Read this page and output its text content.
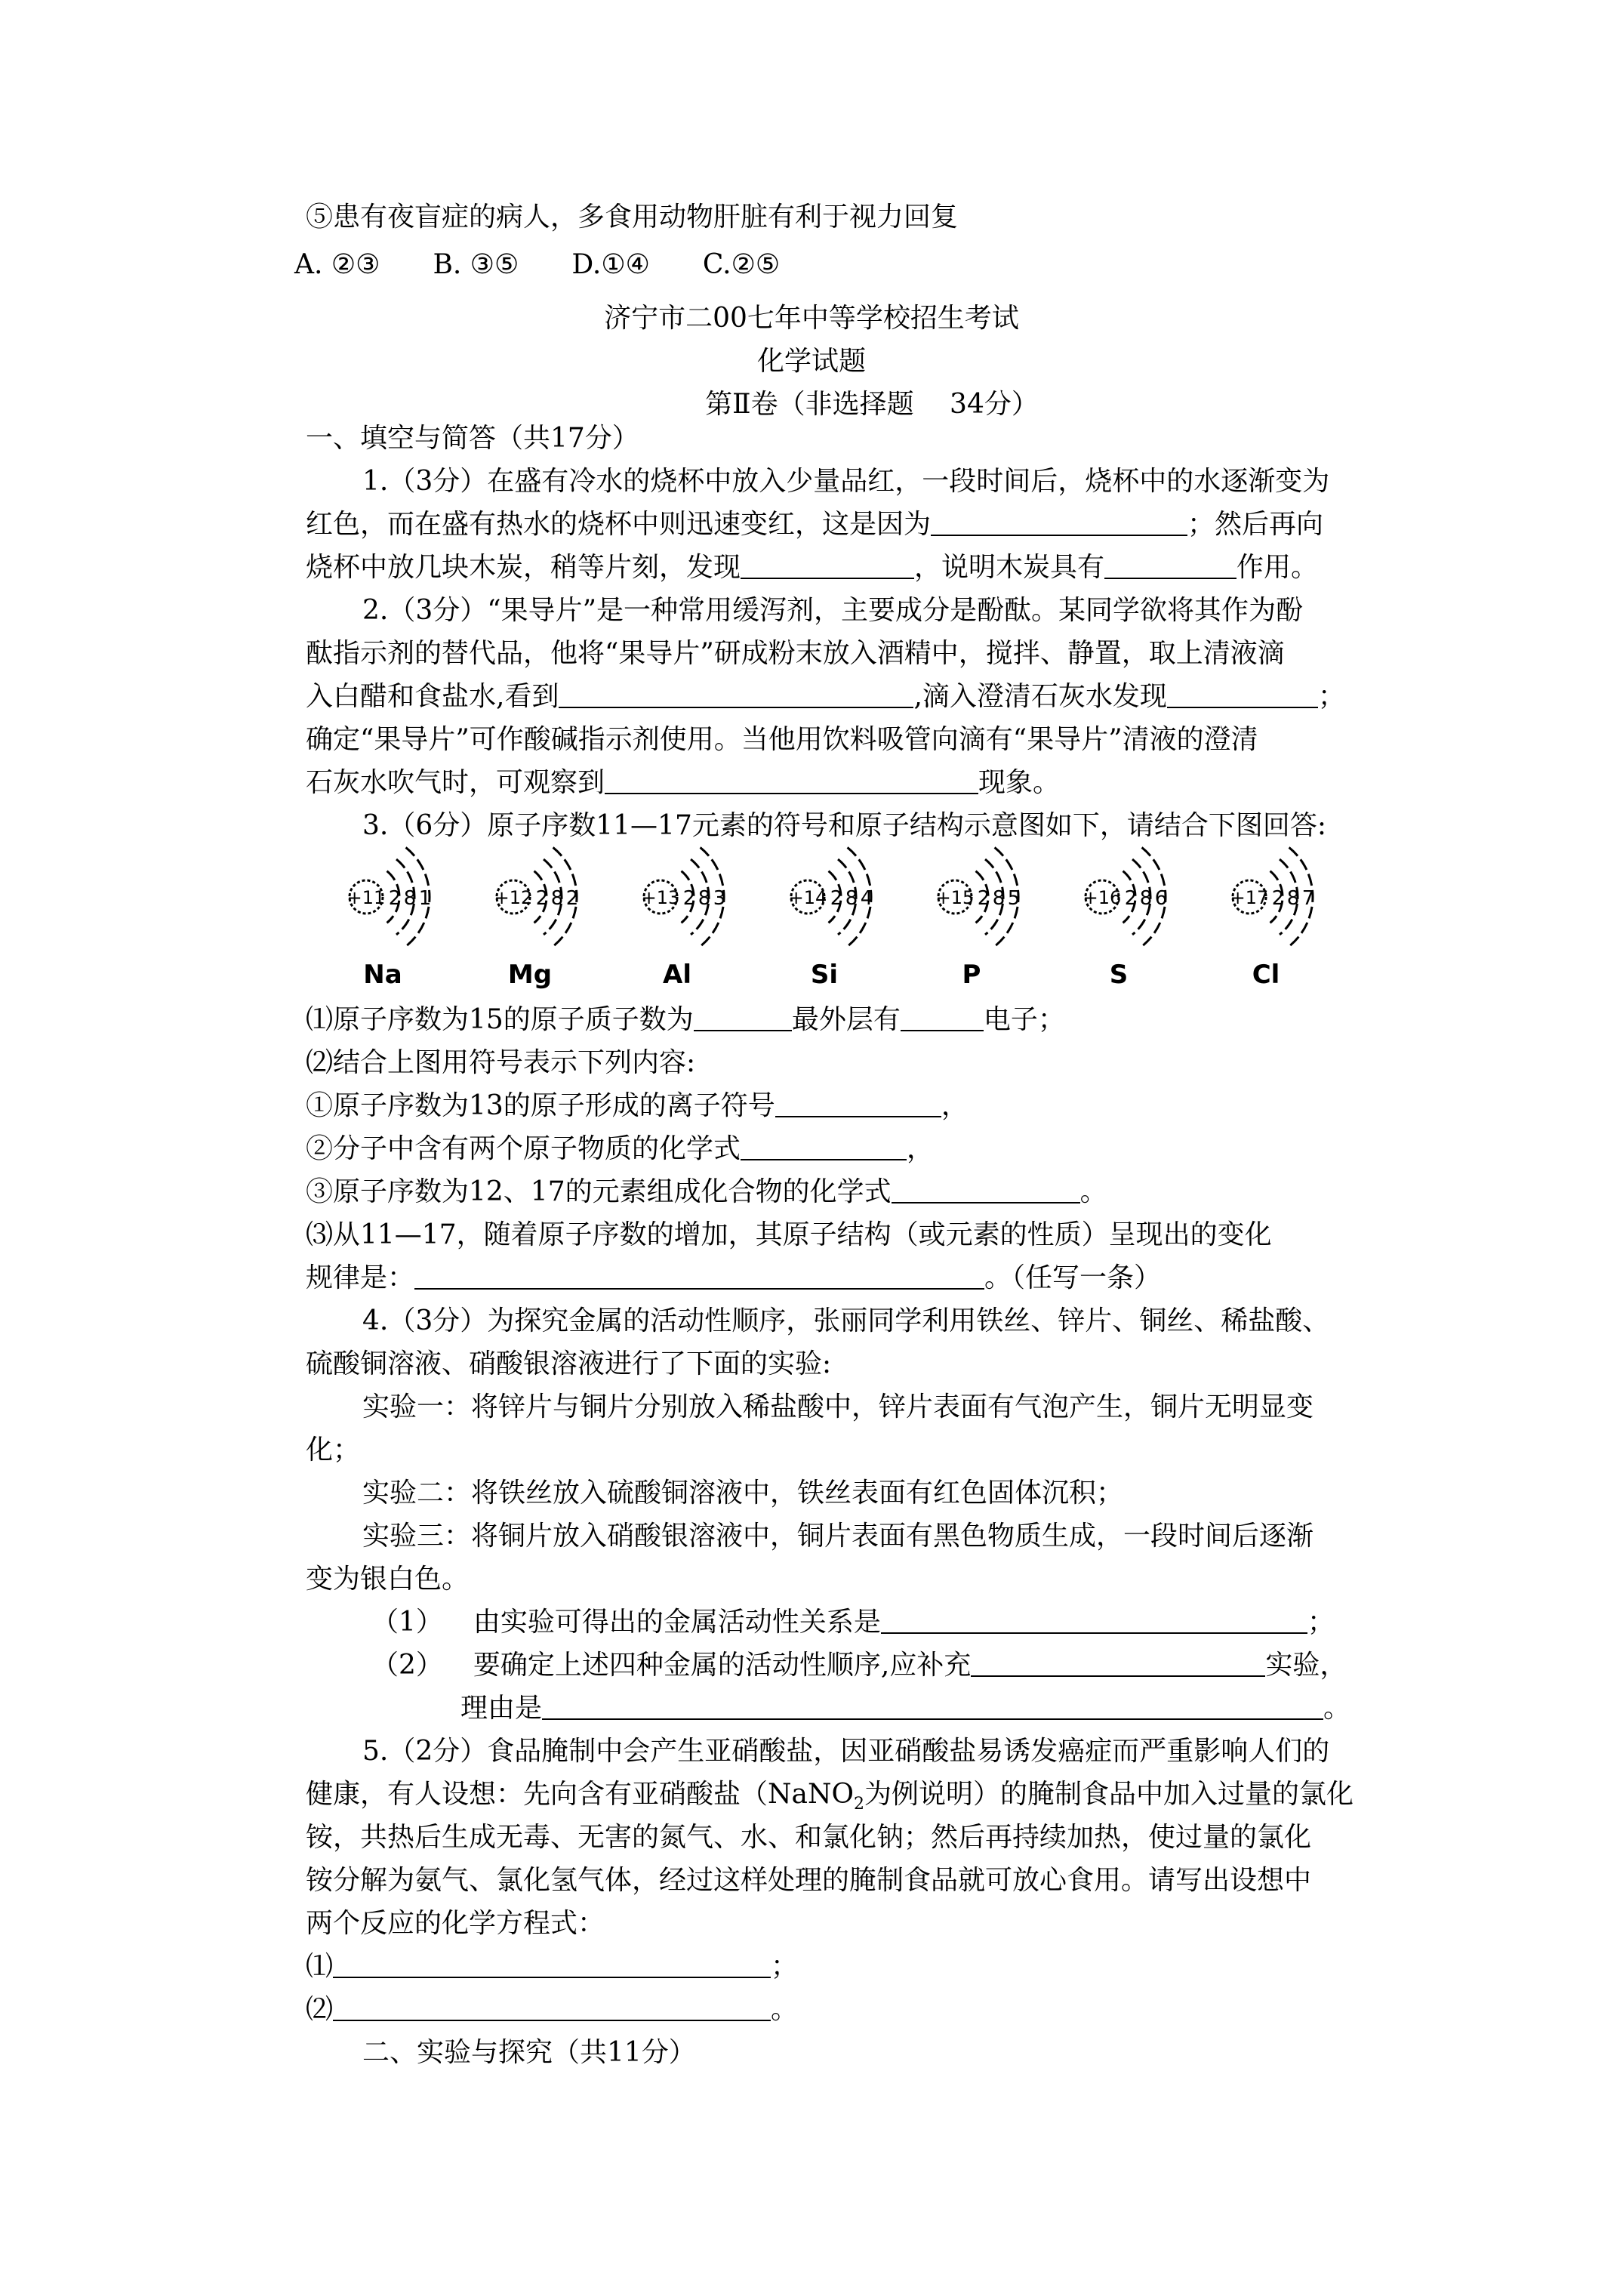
⑤患有夜盲症的病人，多食用动物肝脏有利于视力回复
A. ②③ B. ③⑤ D.①④ C.②⑤
济宁市二00七年中等学校招生考试
化学试题
第Ⅱ卷（非选择题　 34分）
一、填空与简答（共17分）
1.（3分）在盛有冷水的烧杯中放入少量品红，一段时间后，烧杯中的水逐渐变为
红色，而在盛有热水的烧杯中则迅速变红，这是因为	；然后再向
烧杯中放几块木炭，稍等片刻，发现	，说明木炭具有	作用。
2.（3分）“果导片”是一种常用缓泻剂，主要成分是酚酞。某同学欲将其作为酚
酞指示剂的替代品，他将“果导片”研成粉末放入酒精中，搅拌、静置，取上清液滴
入白醋和食盐水,看到	,滴入澄清石灰水发现	；
确定“果导片”可作酸碱指示剂使用。当他用饮料吸管向滴有“果导片”清液的澄清
石灰水吹气时，可观察到	现象。
3.（6分）原子序数11—17元素的符号和原子结构示意图如下，请结合下图回答:
+11 2 8 1
Na
+12 2 8 2
Mg
+13 2 8 3
Al
+14 2 8 4
Si
+15 2 8 5
P
+16 2 8 6
S
+17 2 8 7
Cl
⑴原子序数为15的原子质子数为	最外层有	电子；
⑵结合上图用符号表示下列内容:
①原子序数为13的原子形成的离子符号	，
②分子中含有两个原子物质的化学式	，
③原子序数为12、17的元素组成化合物的化学式	。
⑶从11—17，随着原子序数的增加，其原子结构（或元素的性质）呈现出的变化
规律是：	。（任写一条）
4.（3分）为探究金属的活动性顺序，张丽同学利用铁丝、锌片、铜丝、稀盐酸、
硫酸铜溶液、硝酸银溶液进行了下面的实验:
实验一：将锌片与铜片分别放入稀盐酸中，锌片表面有气泡产生，铜片无明显变
化；
实验二：将铁丝放入硫酸铜溶液中，铁丝表面有红色固体沉积；
实验三：将铜片放入硝酸银溶液中，铜片表面有黑色物质生成，一段时间后逐渐
变为银白色。
（1） 由实验可得出的金属活动性关系是	；
（2） 要确定上述四种金属的活动性顺序,应补充	实验，
理由是	。
5.（2分）食品腌制中会产生亚硝酸盐，因亚硝酸盐易诱发癌症而严重影响人们的
健康，有人设想：先向含有亚硝酸盐（NaNO$_2$为例说明）的腌制食品中加入过量的氯化
铵，共热后生成无毒、无害的氮气、水、和氯化钠；然后再持续加热，使过量的氯化
铵分解为氨气、氯化氢气体，经过这样处理的腌制食品就可放心食用。请写出设想中
两个反应的化学方程式：
⑴	；
⑵	。
二、实验与探究（共11分）
